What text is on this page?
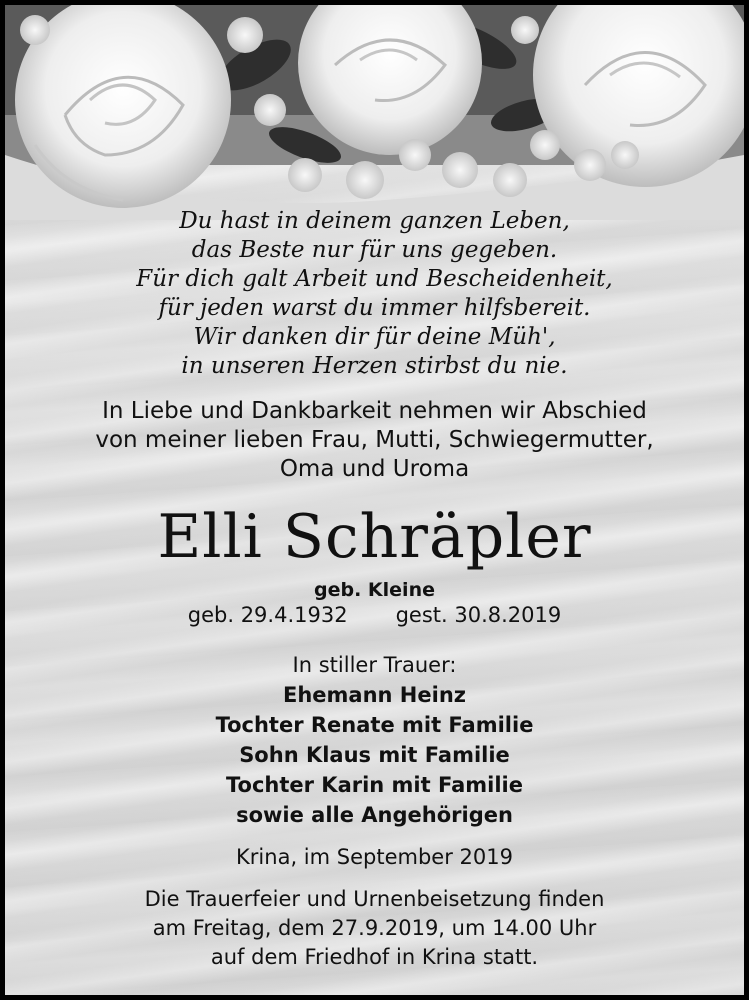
Du hast in deinem ganzen Leben,
das Beste nur für uns gegeben.
Für dich galt Arbeit und Bescheidenheit,
für jeden warst du immer hilfsbereit.
Wir danken dir für deine Müh',
in unseren Herzen stirbst du nie.
In Liebe und Dankbarkeit nehmen wir Abschied
von meiner lieben Frau, Mutti, Schwiegermutter,
Oma und Uroma
Elli Schräpler
geb. Kleine
geb. 29.4.1932 gest. 30.8.2019
In stiller Trauer:
Ehemann Heinz
Tochter Renate mit Familie
Sohn Klaus mit Familie
Tochter Karin mit Familie
sowie alle Angehörigen
Krina, im September 2019
Die Trauerfeier und Urnenbeisetzung finden
am Freitag, dem 27.9.2019, um 14.00 Uhr
auf dem Friedhof in Krina statt.
